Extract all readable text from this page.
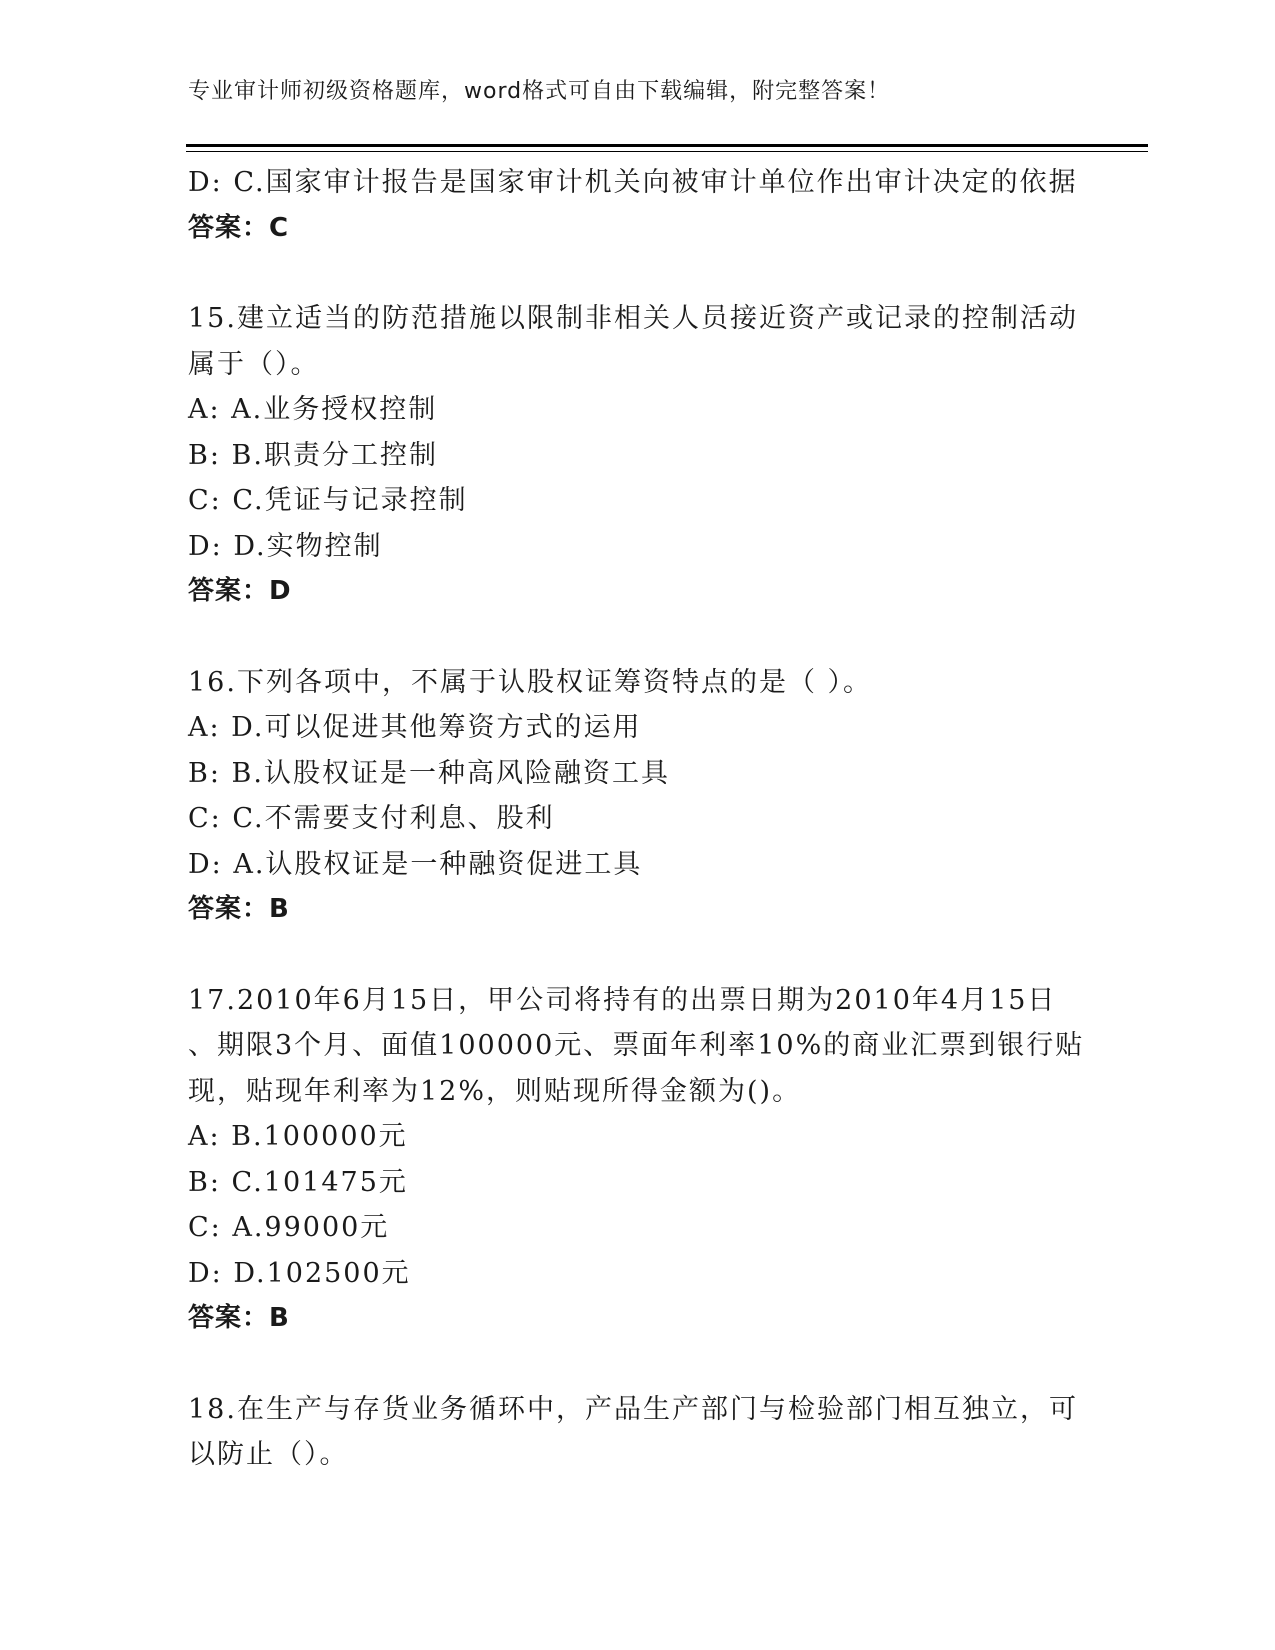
专业审计师初级资格题库，word格式可自由下载编辑，附完整答案！
D: C.国家审计报告是国家审计机关向被审计单位作出审计决定的依据
答案：C
15.建立适当的防范措施以限制非相关人员接近资产或记录的控制活动
属于（）。
A: A.业务授权控制
B: B.职责分工控制
C: C.凭证与记录控制
D: D.实物控制
答案：D
16.下列各项中，不属于认股权证筹资特点的是（ ）。
A: D.可以促进其他筹资方式的运用
B: B.认股权证是一种高风险融资工具
C: C.不需要支付利息、股利
D: A.认股权证是一种融资促进工具
答案：B
17.2010年6月15日，甲公司将持有的出票日期为2010年4月15日
、期限3个月、面值100000元、票面年利率10%的商业汇票到银行贴
现，贴现年利率为12%，则贴现所得金额为()。
A: B.100000元
B: C.101475元
C: A.99000元
D: D.102500元
答案：B
18.在生产与存货业务循环中，产品生产部门与检验部门相互独立，可
以防止（）。
